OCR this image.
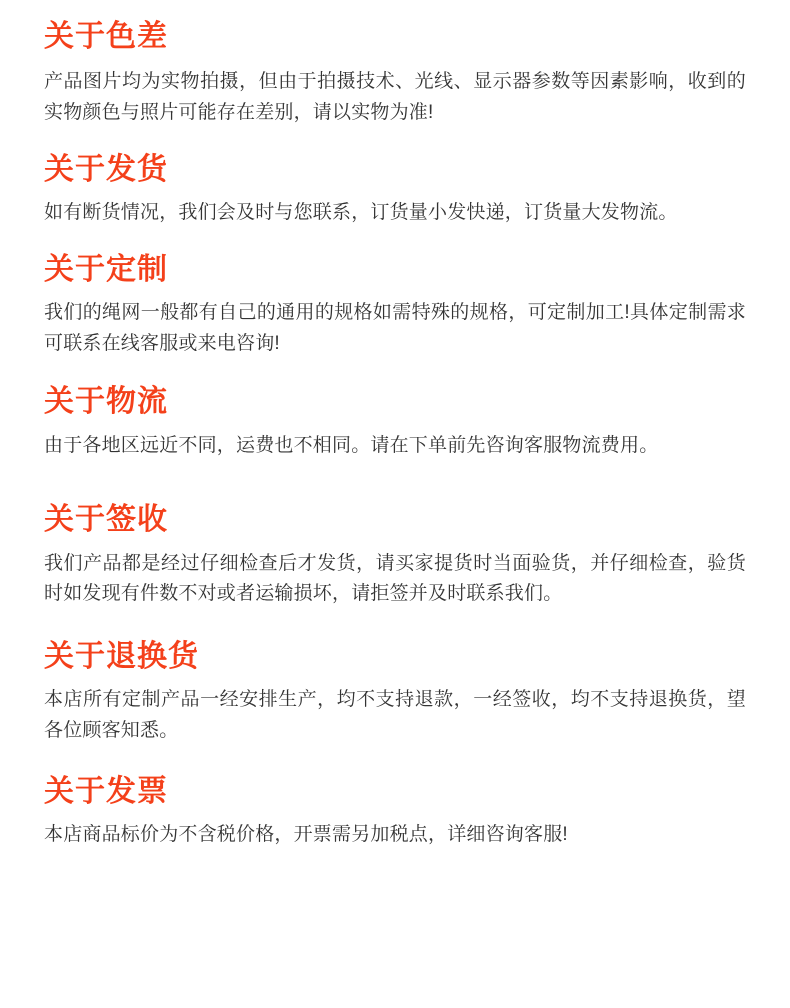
关于色差

产品图片均为实物拍摄，但由于拍摄技术、光线、显示器参数等因素影响，收到的实物颜色与照片可能存在差别，请以实物为准!

关于发货

如有断货情况，我们会及时与您联系，订货量小发快递，订货量大发物流。

关于定制

我们的绳网一般都有自己的通用的规格如需特殊的规格，可定制加工!具体定制需求可联系在线客服或来电咨询!

关于物流

由于各地区远近不同，运费也不相同。请在下单前先咨询客服物流费用。

关于签收

我们产品都是经过仔细检查后才发货，请买家提货时当面验货，并仔细检查，验货时如发现有件数不对或者运输损坏，请拒签并及时联系我们。

关于退换货

本店所有定制产品一经安排生产，均不支持退款，一经签收，均不支持退换货，望各位顾客知悉。

关于发票

本店商品标价为不含税价格，开票需另加税点，详细咨询客服!
